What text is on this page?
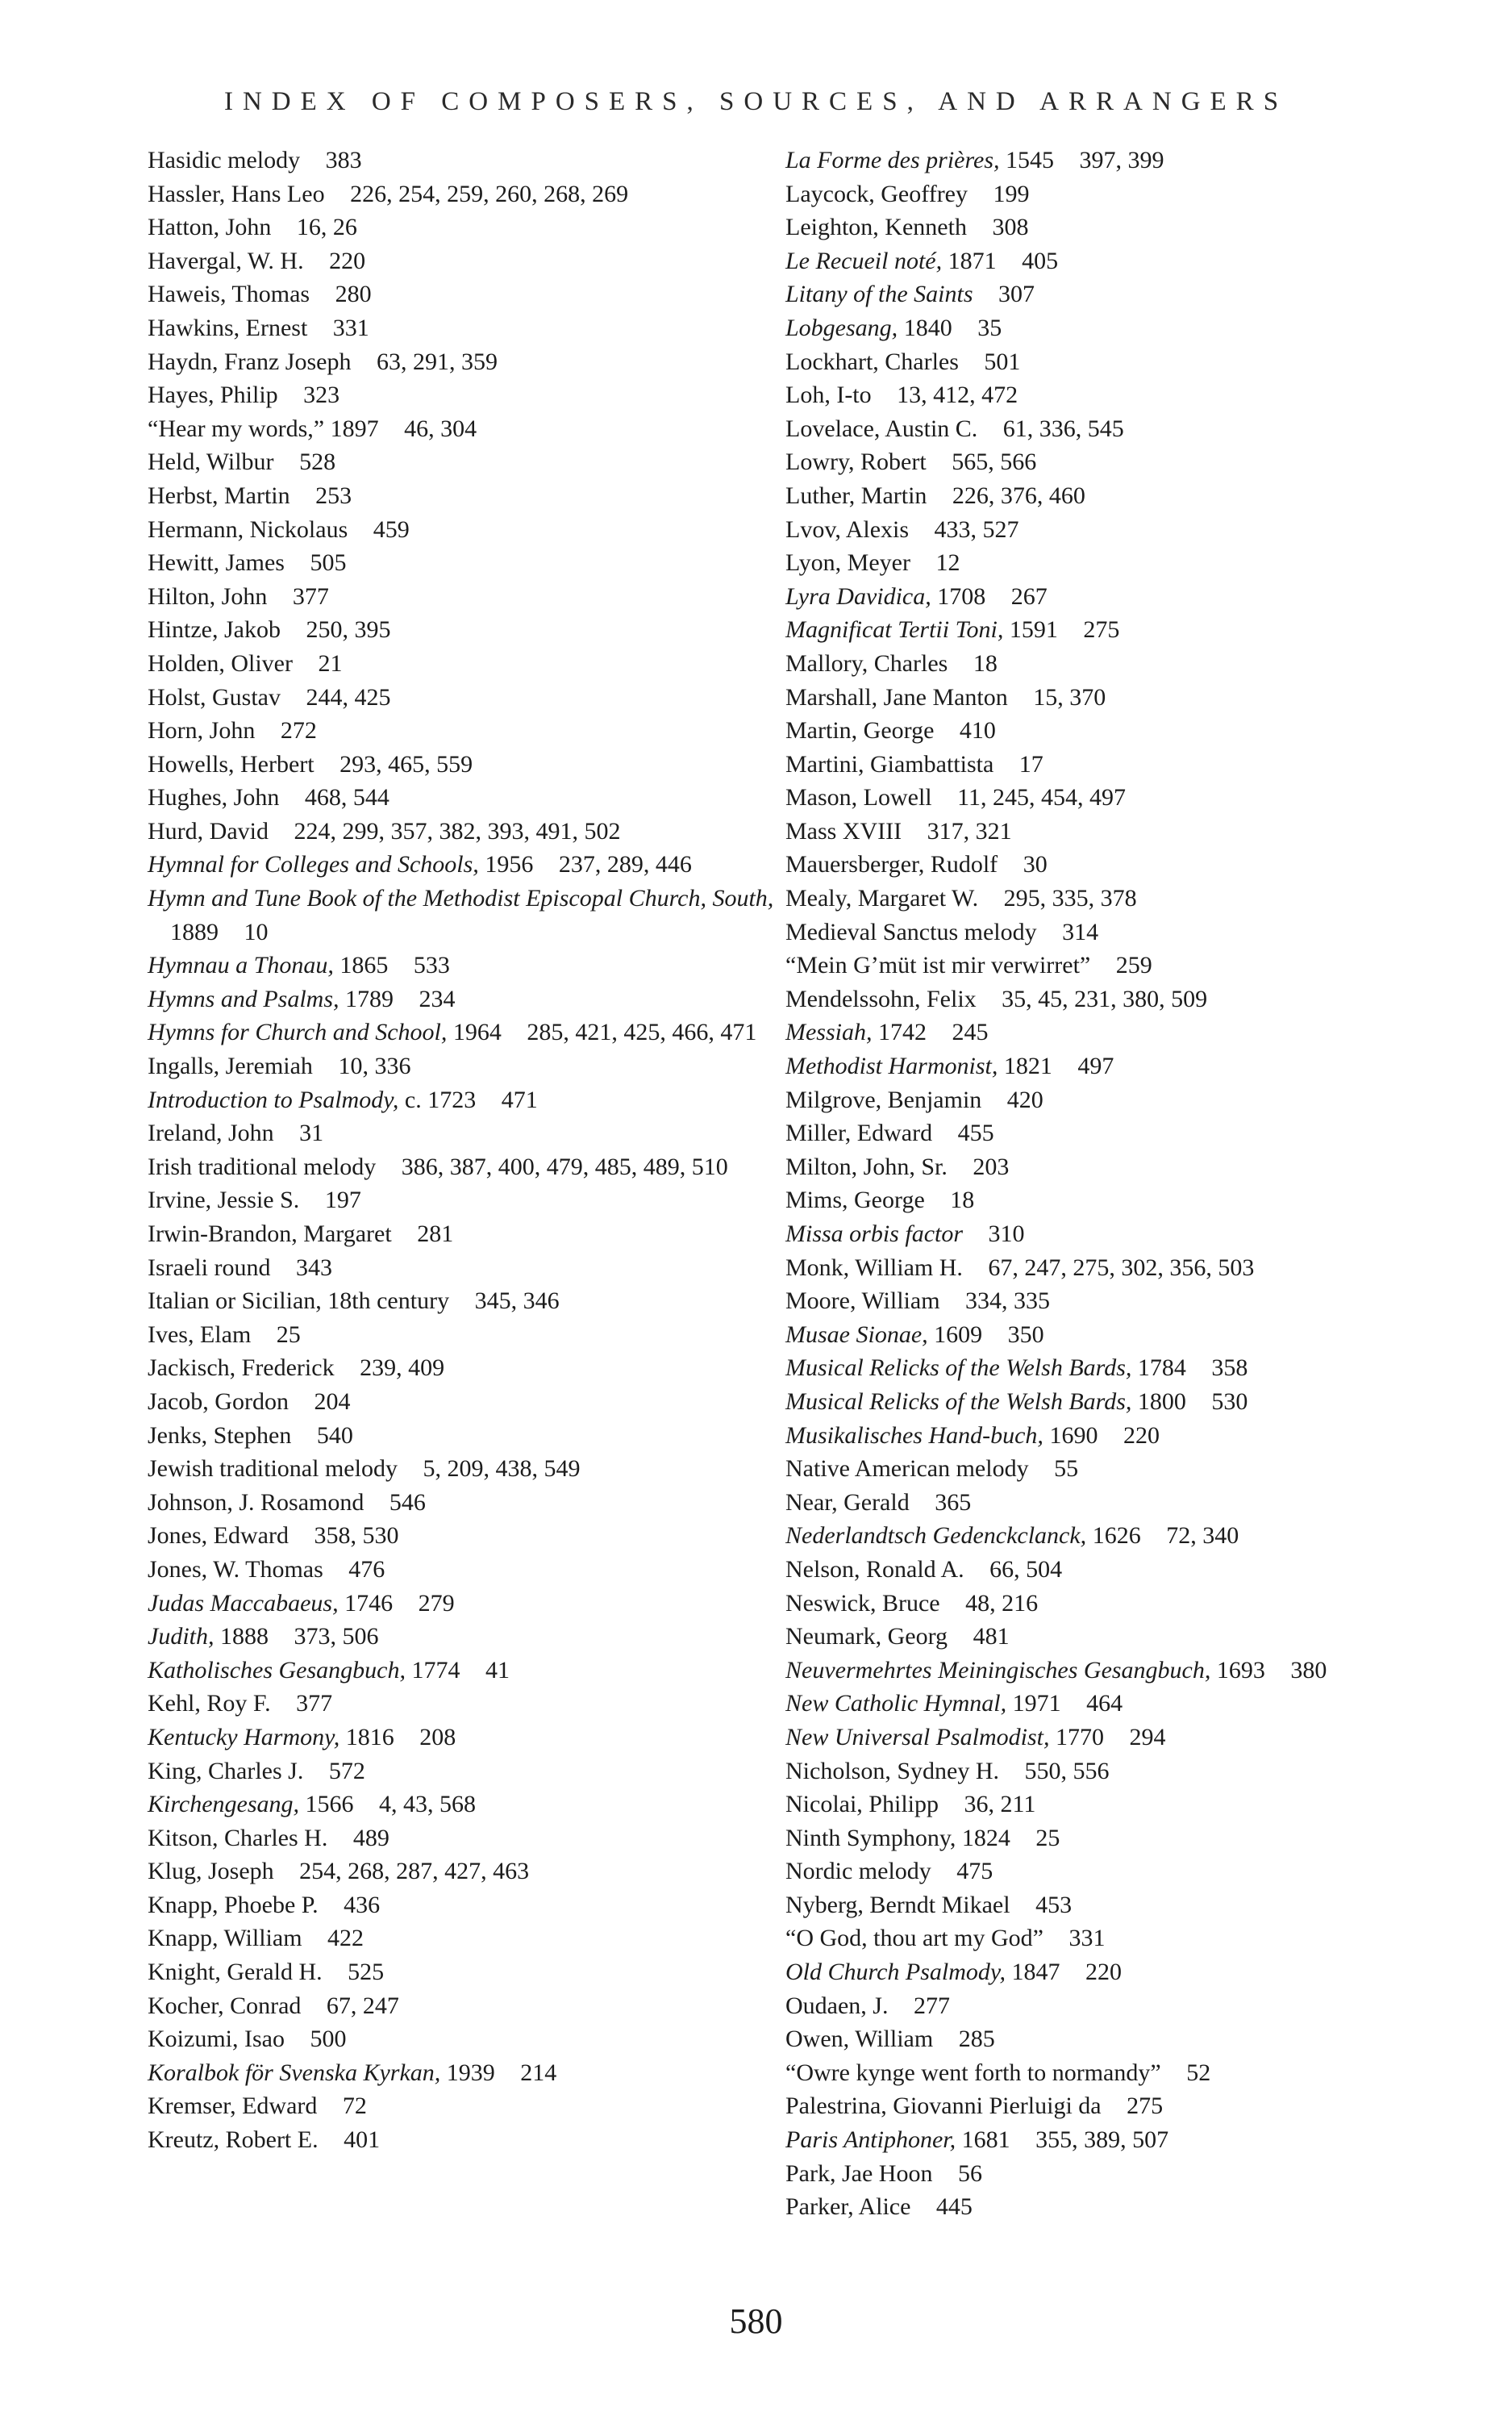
INDEX OF COMPOSERS, SOURCES, AND ARRANGERS

Hasidic melody 383

Hassler, Hans Leo 226, 254, 259, 260, 268, 269

Hatton, John 16, 26

Havergal, W. H. 220

Haweis, Thomas 280

Hawkins, Ernest 331

Haydn, Franz Joseph 63, 291, 359

Hayes, Philip 323

“Hear my words,” 1897 46, 304

Held, Wilbur 528

Herbst, Martin 253

Hermann, Nickolaus 459

Hewitt, James 505

Hilton, John 377

Hintze, Jakob 250, 395

Holden, Oliver 21

Holst, Gustav 244, 425

Horn, John 272

Howells, Herbert 293, 465, 559

Hughes, John 468, 544

Hurd, David 224, 299, 357, 382, 393, 491, 502

Hymnal for Colleges and Schools, 1956 237, 289, 446

Hymn and Tune Book of the Methodist Episcopal Church, South, 1889 10

Hymnau a Thonau, 1865 533

Hymns and Psalms, 1789 234

Hymns for Church and School, 1964 285, 421, 425, 466, 471

Ingalls, Jeremiah 10, 336

Introduction to Psalmody, c. 1723 471

Ireland, John 31

Irish traditional melody 386, 387, 400, 479, 485, 489, 510

Irvine, Jessie S. 197

Irwin-Brandon, Margaret 281

Israeli round 343

Italian or Sicilian, 18th century 345, 346

Ives, Elam 25

Jackisch, Frederick 239, 409

Jacob, Gordon 204

Jenks, Stephen 540

Jewish traditional melody 5, 209, 438, 549

Johnson, J. Rosamond 546

Jones, Edward 358, 530

Jones, W. Thomas 476

Judas Maccabaeus, 1746 279

Judith, 1888 373, 506

Katholisches Gesangbuch, 1774 41

Kehl, Roy F. 377

Kentucky Harmony, 1816 208

King, Charles J. 572

Kirchengesang, 1566 4, 43, 568

Kitson, Charles H. 489

Klug, Joseph 254, 268, 287, 427, 463

Knapp, Phoebe P. 436

Knapp, William 422

Knight, Gerald H. 525

Kocher, Conrad 67, 247

Koizumi, Isao 500

Koralbok för Svenska Kyrkan, 1939 214

Kremser, Edward 72

Kreutz, Robert E. 401

La Forme des prières, 1545 397, 399

Laycock, Geoffrey 199

Leighton, Kenneth 308

Le Recueil noté, 1871 405

Litany of the Saints 307

Lobgesang, 1840 35

Lockhart, Charles 501

Loh, I-to 13, 412, 472

Lovelace, Austin C. 61, 336, 545

Lowry, Robert 565, 566

Luther, Martin 226, 376, 460

Lvov, Alexis 433, 527

Lyon, Meyer 12

Lyra Davidica, 1708 267

Magnificat Tertii Toni, 1591 275

Mallory, Charles 18

Marshall, Jane Manton 15, 370

Martin, George 410

Martini, Giambattista 17

Mason, Lowell 11, 245, 454, 497

Mass XVIII 317, 321

Mauersberger, Rudolf 30

Mealy, Margaret W. 295, 335, 378

Medieval Sanctus melody 314

“Mein G’müt ist mir verwirret” 259

Mendelssohn, Felix 35, 45, 231, 380, 509

Messiah, 1742 245

Methodist Harmonist, 1821 497

Milgrove, Benjamin 420

Miller, Edward 455

Milton, John, Sr. 203

Mims, George 18

Missa orbis factor 310

Monk, William H. 67, 247, 275, 302, 356, 503

Moore, William 334, 335

Musae Sionae, 1609 350

Musical Relicks of the Welsh Bards, 1784 358

Musical Relicks of the Welsh Bards, 1800 530

Musikalisches Hand-buch, 1690 220

Native American melody 55

Near, Gerald 365

Nederlandtsch Gedenckclanck, 1626 72, 340

Nelson, Ronald A. 66, 504

Neswick, Bruce 48, 216

Neumark, Georg 481

Neuvermehrtes Meiningisches Gesangbuch, 1693 380

New Catholic Hymnal, 1971 464

New Universal Psalmodist, 1770 294

Nicholson, Sydney H. 550, 556

Nicolai, Philipp 36, 211

Ninth Symphony, 1824 25

Nordic melody 475

Nyberg, Berndt Mikael 453

“O God, thou art my God” 331

Old Church Psalmody, 1847 220

Oudaen, J. 277

Owen, William 285

“Owre kynge went forth to normandy” 52

Palestrina, Giovanni Pierluigi da 275

Paris Antiphoner, 1681 355, 389, 507

Park, Jae Hoon 56

Parker, Alice 445

580
